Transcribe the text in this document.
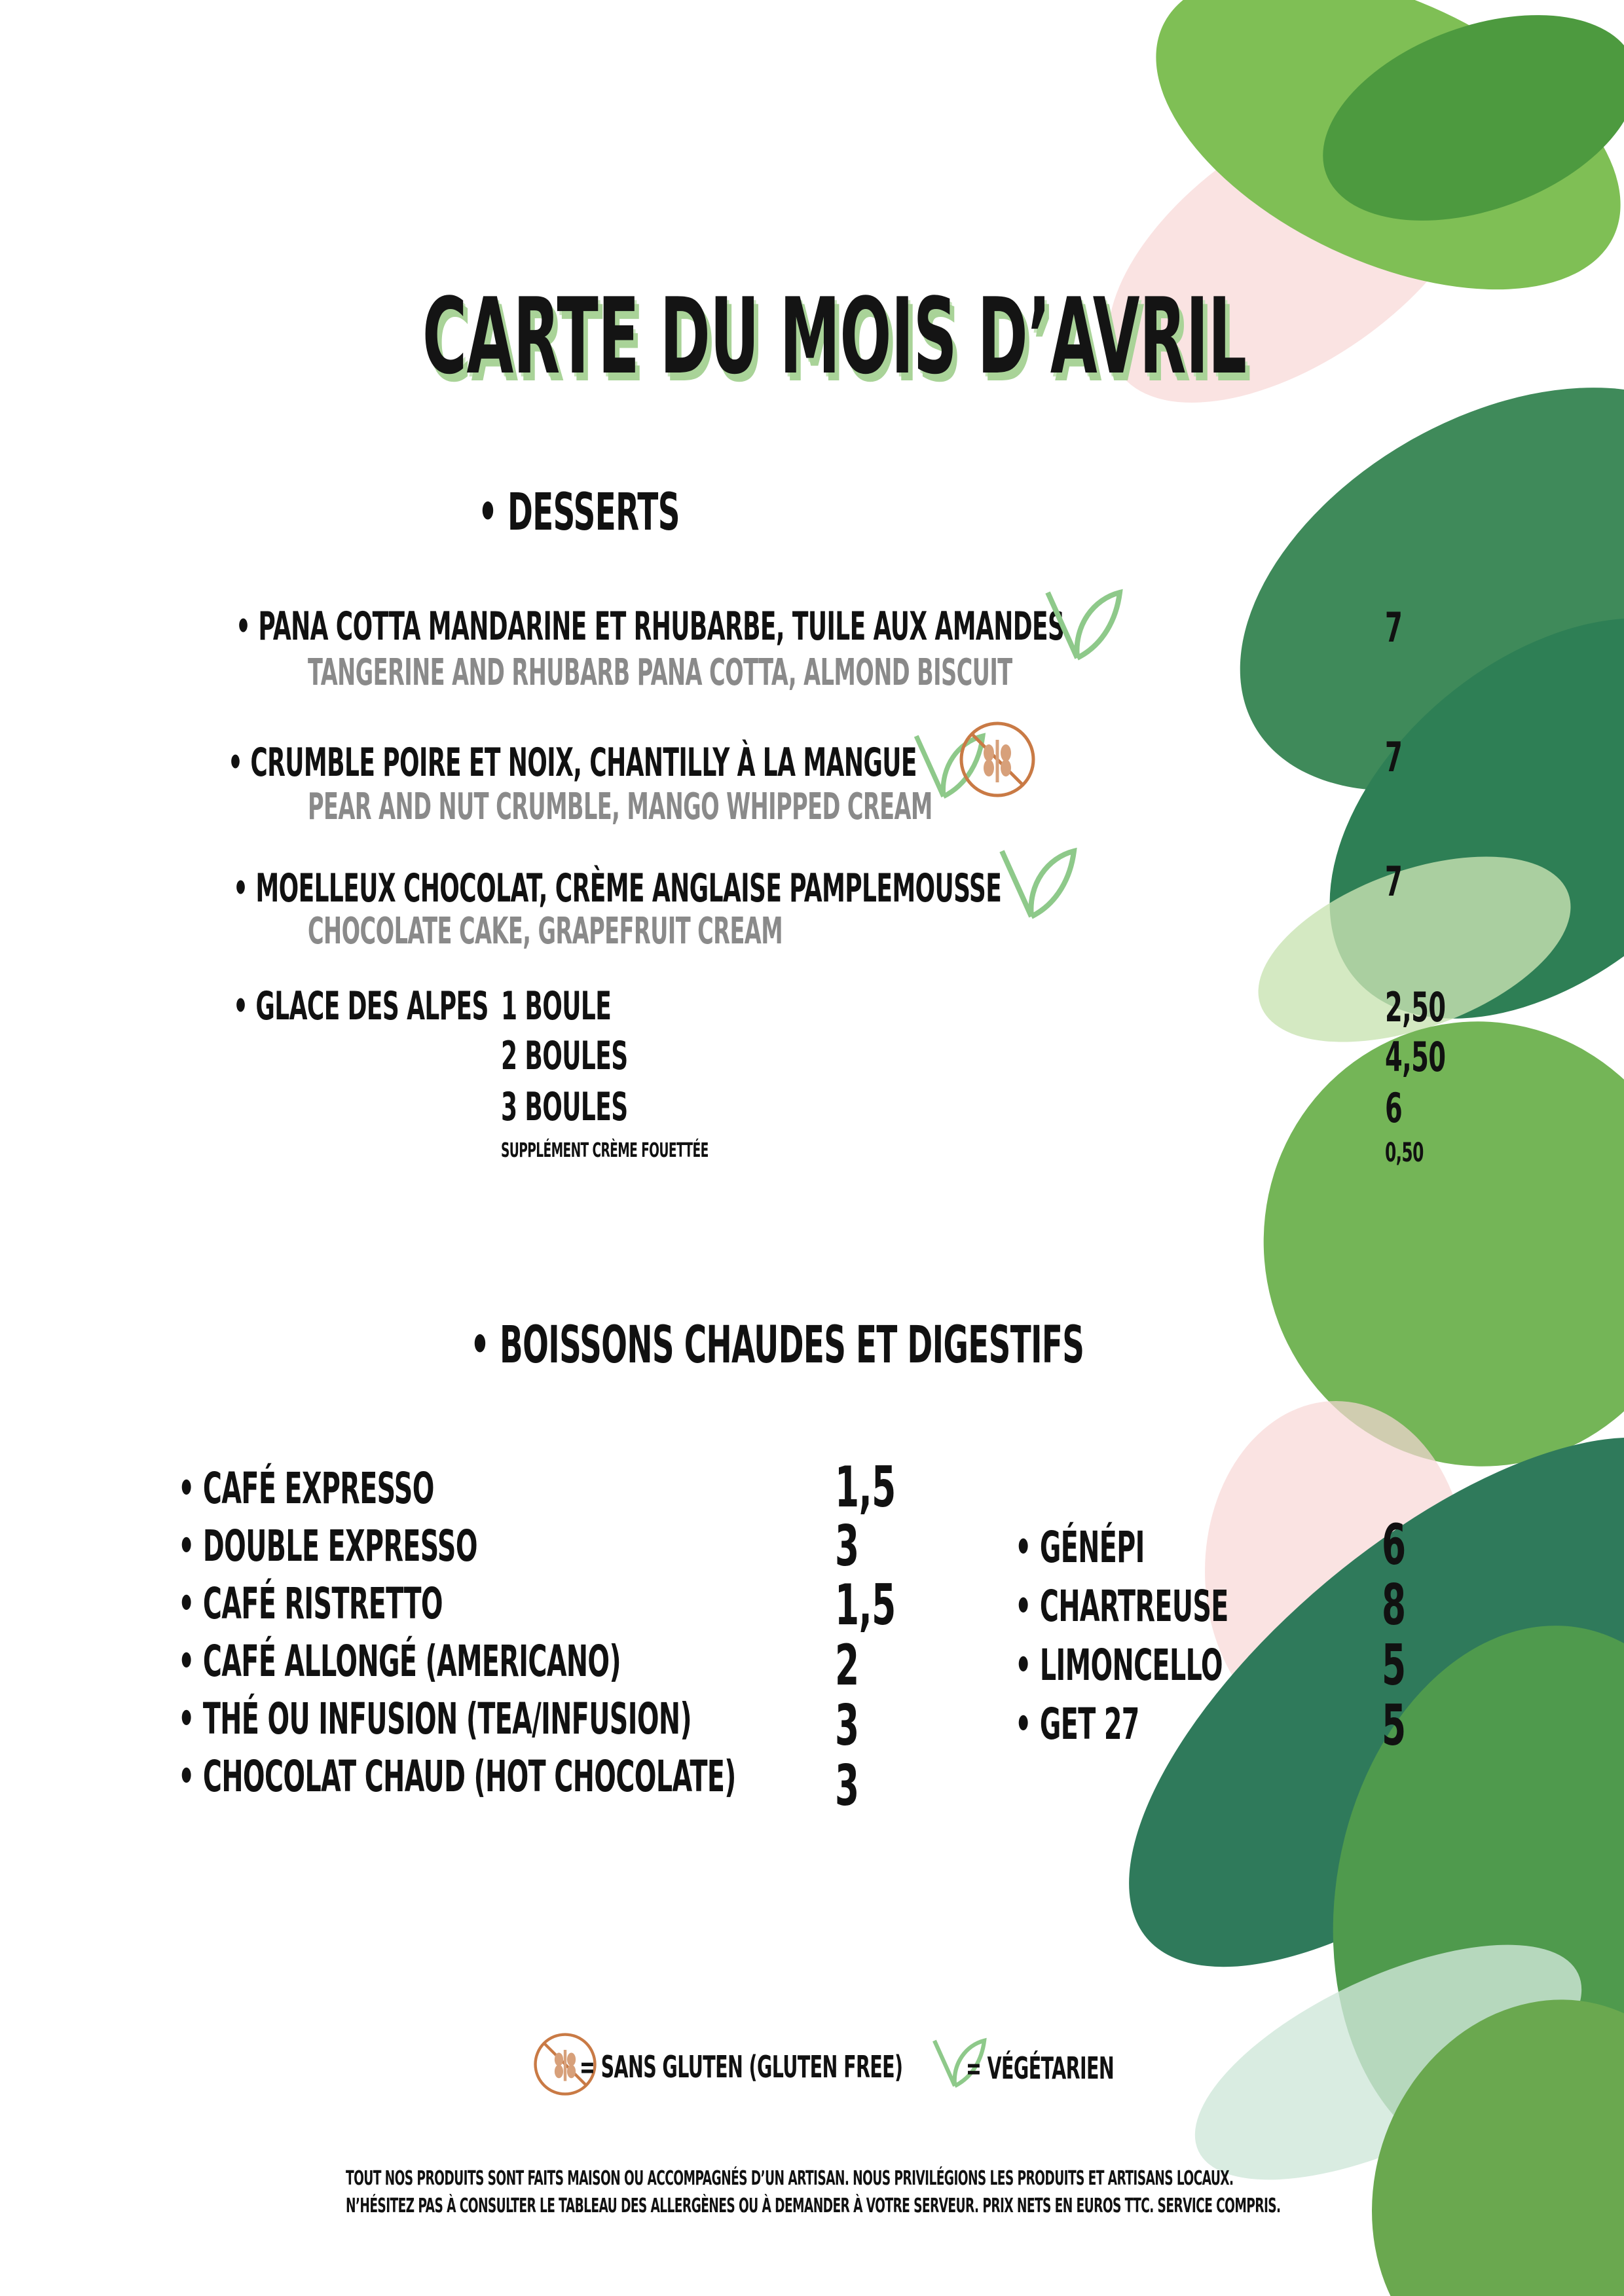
CARTE DU MOIS D’AVRIL
• DESSERTS
• PANA COTTA MANDARINE ET RHUBARBE, TUILE AUX AMANDES
TANGERINE AND RHUBARB PANA COTTA, ALMOND BISCUIT
7
• CRUMBLE POIRE ET NOIX, CHANTILLY À LA MANGUE
PEAR AND NUT CRUMBLE, MANGO WHIPPED CREAM
7
• MOELLEUX CHOCOLAT, CRÈME ANGLAISE PAMPLEMOUSSE
CHOCOLATE CAKE, GRAPEFRUIT CREAM
7
• GLACE DES ALPES 1 BOULE
2 BOULES
3 BOULES
SUPPLÉMENT CRÈME FOUETTÉE
2,50
4,50
6
0,50
• BOISSONS CHAUDES ET DIGESTIFS
• CAFÉ EXPRESSO
• DOUBLE EXPRESSO
• CAFÉ RISTRETTO
• CAFÉ ALLONGÉ (AMERICANO)
• THÉ OU INFUSION (TEA/INFUSION)
• CHOCOLAT CHAUD (HOT CHOCOLATE)
1,5
3
1,5
2
3
3
• GÉNÉPI
• CHARTREUSE
• LIMONCELLO
• GET 27
6
8
5
5
= SANS GLUTEN (GLUTEN FREE) = VÉGÉTARIEN
TOUT NOS PRODUITS SONT FAITS MAISON OU ACCOMPAGNÉS D’UN ARTISAN. NOUS PRIVILÉGIONS LES PRODUITS ET ARTISANS LOCAUX.
N’HÉSITEZ PAS À CONSULTER LE TABLEAU DES ALLERGÈNES OU À DEMANDER À VOTRE SERVEUR. PRIX NETS EN EUROS TTC. SERVICE COMPRIS.
